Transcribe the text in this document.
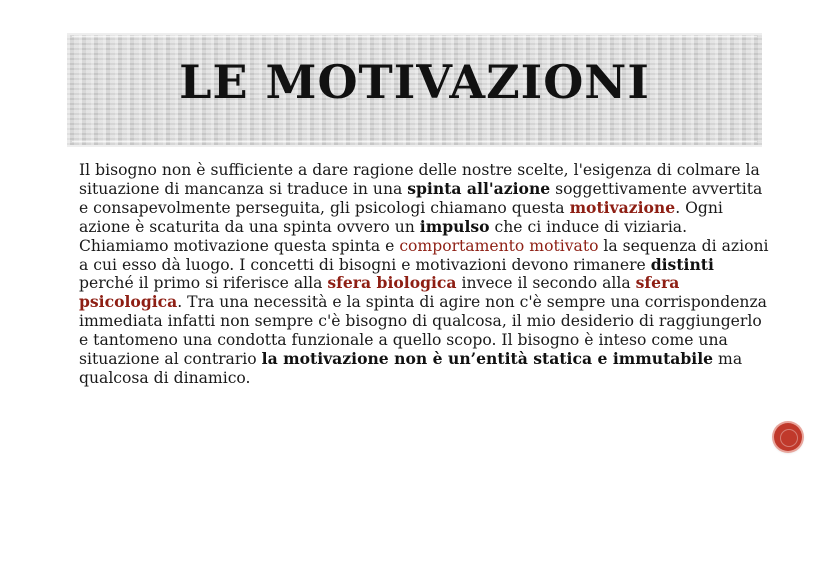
LE MOTIVAZIONI

Il bisogno non è sufficiente a dare ragione delle nostre scelte, l'esigenza di colmare la situazione di mancanza si traduce in una spinta all'azione soggettivamente avvertita e consapevolmente perseguita, gli psicologi chiamano questa motivazione. Ogni azione è scaturita da una spinta ovvero un impulso che ci induce di viziaria. Chiamiamo motivazione questa spinta e comportamento motivato la sequenza di azioni a cui esso dà luogo. I concetti di bisogni e motivazioni devono rimanere distinti perché il primo si riferisce alla sfera biologica invece il secondo alla sfera psicologica. Tra una necessità e la spinta di agire non c'è sempre una corrispondenza immediata infatti non sempre c'è bisogno di qualcosa, il mio desiderio di raggiungerlo e tantomeno una condotta funzionale a quello scopo. Il bisogno è inteso come una situazione al contrario la motivazione non è un’entità statica e immutabile ma qualcosa di dinamico.
